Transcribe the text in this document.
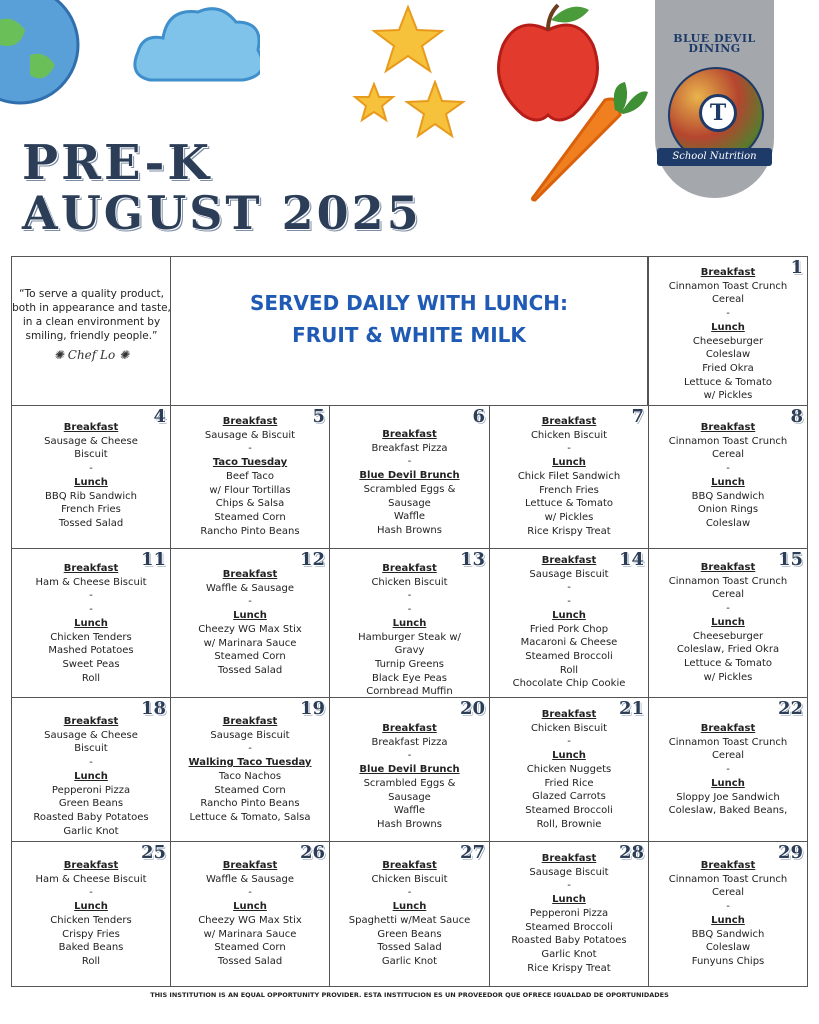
PRE-K
AUGUST 2025
BLUE DEVIL
DINING
T
School Nutrition
“To serve a quality product, both in appearance and taste, in a clean environment by smiling, friendly people.”
✺ Chef Lo ✺
SERVED DAILY WITH LUNCH:
FRUIT & WHITE MILK
1
Breakfast
Cinnamon Toast Crunch
Cereal
-
Lunch
Cheeseburger
Coleslaw
Fried Okra
Lettuce & Tomato
w/ Pickles
4
Breakfast
Sausage & Cheese
Biscuit
-
Lunch
BBQ Rib Sandwich
French Fries
Tossed Salad
5
Breakfast
Sausage & Biscuit
-
Taco Tuesday
Beef Taco
w/ Flour Tortillas
Chips & Salsa
Steamed Corn
Rancho Pinto Beans
6
Breakfast
Breakfast Pizza
-
Blue Devil Brunch
Scrambled Eggs & Sausage
Waffle
Hash Browns
7
Breakfast
Chicken Biscuit
-
Lunch
Chick Filet Sandwich
French Fries
Lettuce & Tomato
w/ Pickles
Rice Krispy Treat
8
Breakfast
Cinnamon Toast Crunch
Cereal
-
Lunch
BBQ Sandwich
Onion Rings
Coleslaw
11
Breakfast
Ham & Cheese Biscuit
-
-
Lunch
Chicken Tenders
Mashed Potatoes
Sweet Peas
Roll
12
Breakfast
Waffle & Sausage
-
Lunch
Cheezy WG Max Stix
w/ Marinara Sauce
Steamed Corn
Tossed Salad
13
Breakfast
Chicken Biscuit
-
-
Lunch
Hamburger Steak w/ Gravy
Turnip Greens
Black Eye Peas
Cornbread Muffin
14
Breakfast
Sausage Biscuit
-
-
Lunch
Fried Pork Chop
Macaroni & Cheese
Steamed Broccoli
Roll
Chocolate Chip Cookie
15
Breakfast
Cinnamon Toast Crunch
Cereal
-
Lunch
Cheeseburger
Coleslaw, Fried Okra
Lettuce & Tomato
w/ Pickles
18
Breakfast
Sausage & Cheese Biscuit
-
Lunch
Pepperoni Pizza
Green Beans
Roasted Baby Potatoes
Garlic Knot
19
Breakfast
Sausage Biscuit
-
Walking Taco Tuesday
Taco Nachos
Steamed Corn
Rancho Pinto Beans
Lettuce & Tomato, Salsa
20
Breakfast
Breakfast Pizza
-
Blue Devil Brunch
Scrambled Eggs & Sausage
Waffle
Hash Browns
21
Breakfast
Chicken Biscuit
-
Lunch
Chicken Nuggets
Fried Rice
Glazed Carrots
Steamed Broccoli
Roll, Brownie
22
Breakfast
Cinnamon Toast Crunch
Cereal
-
Lunch
Sloppy Joe Sandwich
Coleslaw, Baked Beans,
25
Breakfast
Ham & Cheese Biscuit
-
Lunch
Chicken Tenders
Crispy Fries
Baked Beans
Roll
26
Breakfast
Waffle & Sausage
-
Lunch
Cheezy WG Max Stix
w/ Marinara Sauce
Steamed Corn
Tossed Salad
27
Breakfast
Chicken Biscuit
-
Lunch
Spaghetti w/Meat Sauce
Green Beans
Tossed Salad
Garlic Knot
28
Breakfast
Sausage Biscuit
-
Lunch
Pepperoni Pizza
Steamed Broccoli
Roasted Baby Potatoes
Garlic Knot
Rice Krispy Treat
29
Breakfast
Cinnamon Toast Crunch
Cereal
-
Lunch
BBQ Sandwich
Coleslaw
Funyuns Chips
THIS INSTITUTION IS AN EQUAL OPPORTUNITY PROVIDER. ESTA INSTITUCION ES UN PROVEEDOR QUE OFRECE IGUALDAD DE OPORTUNIDADES
